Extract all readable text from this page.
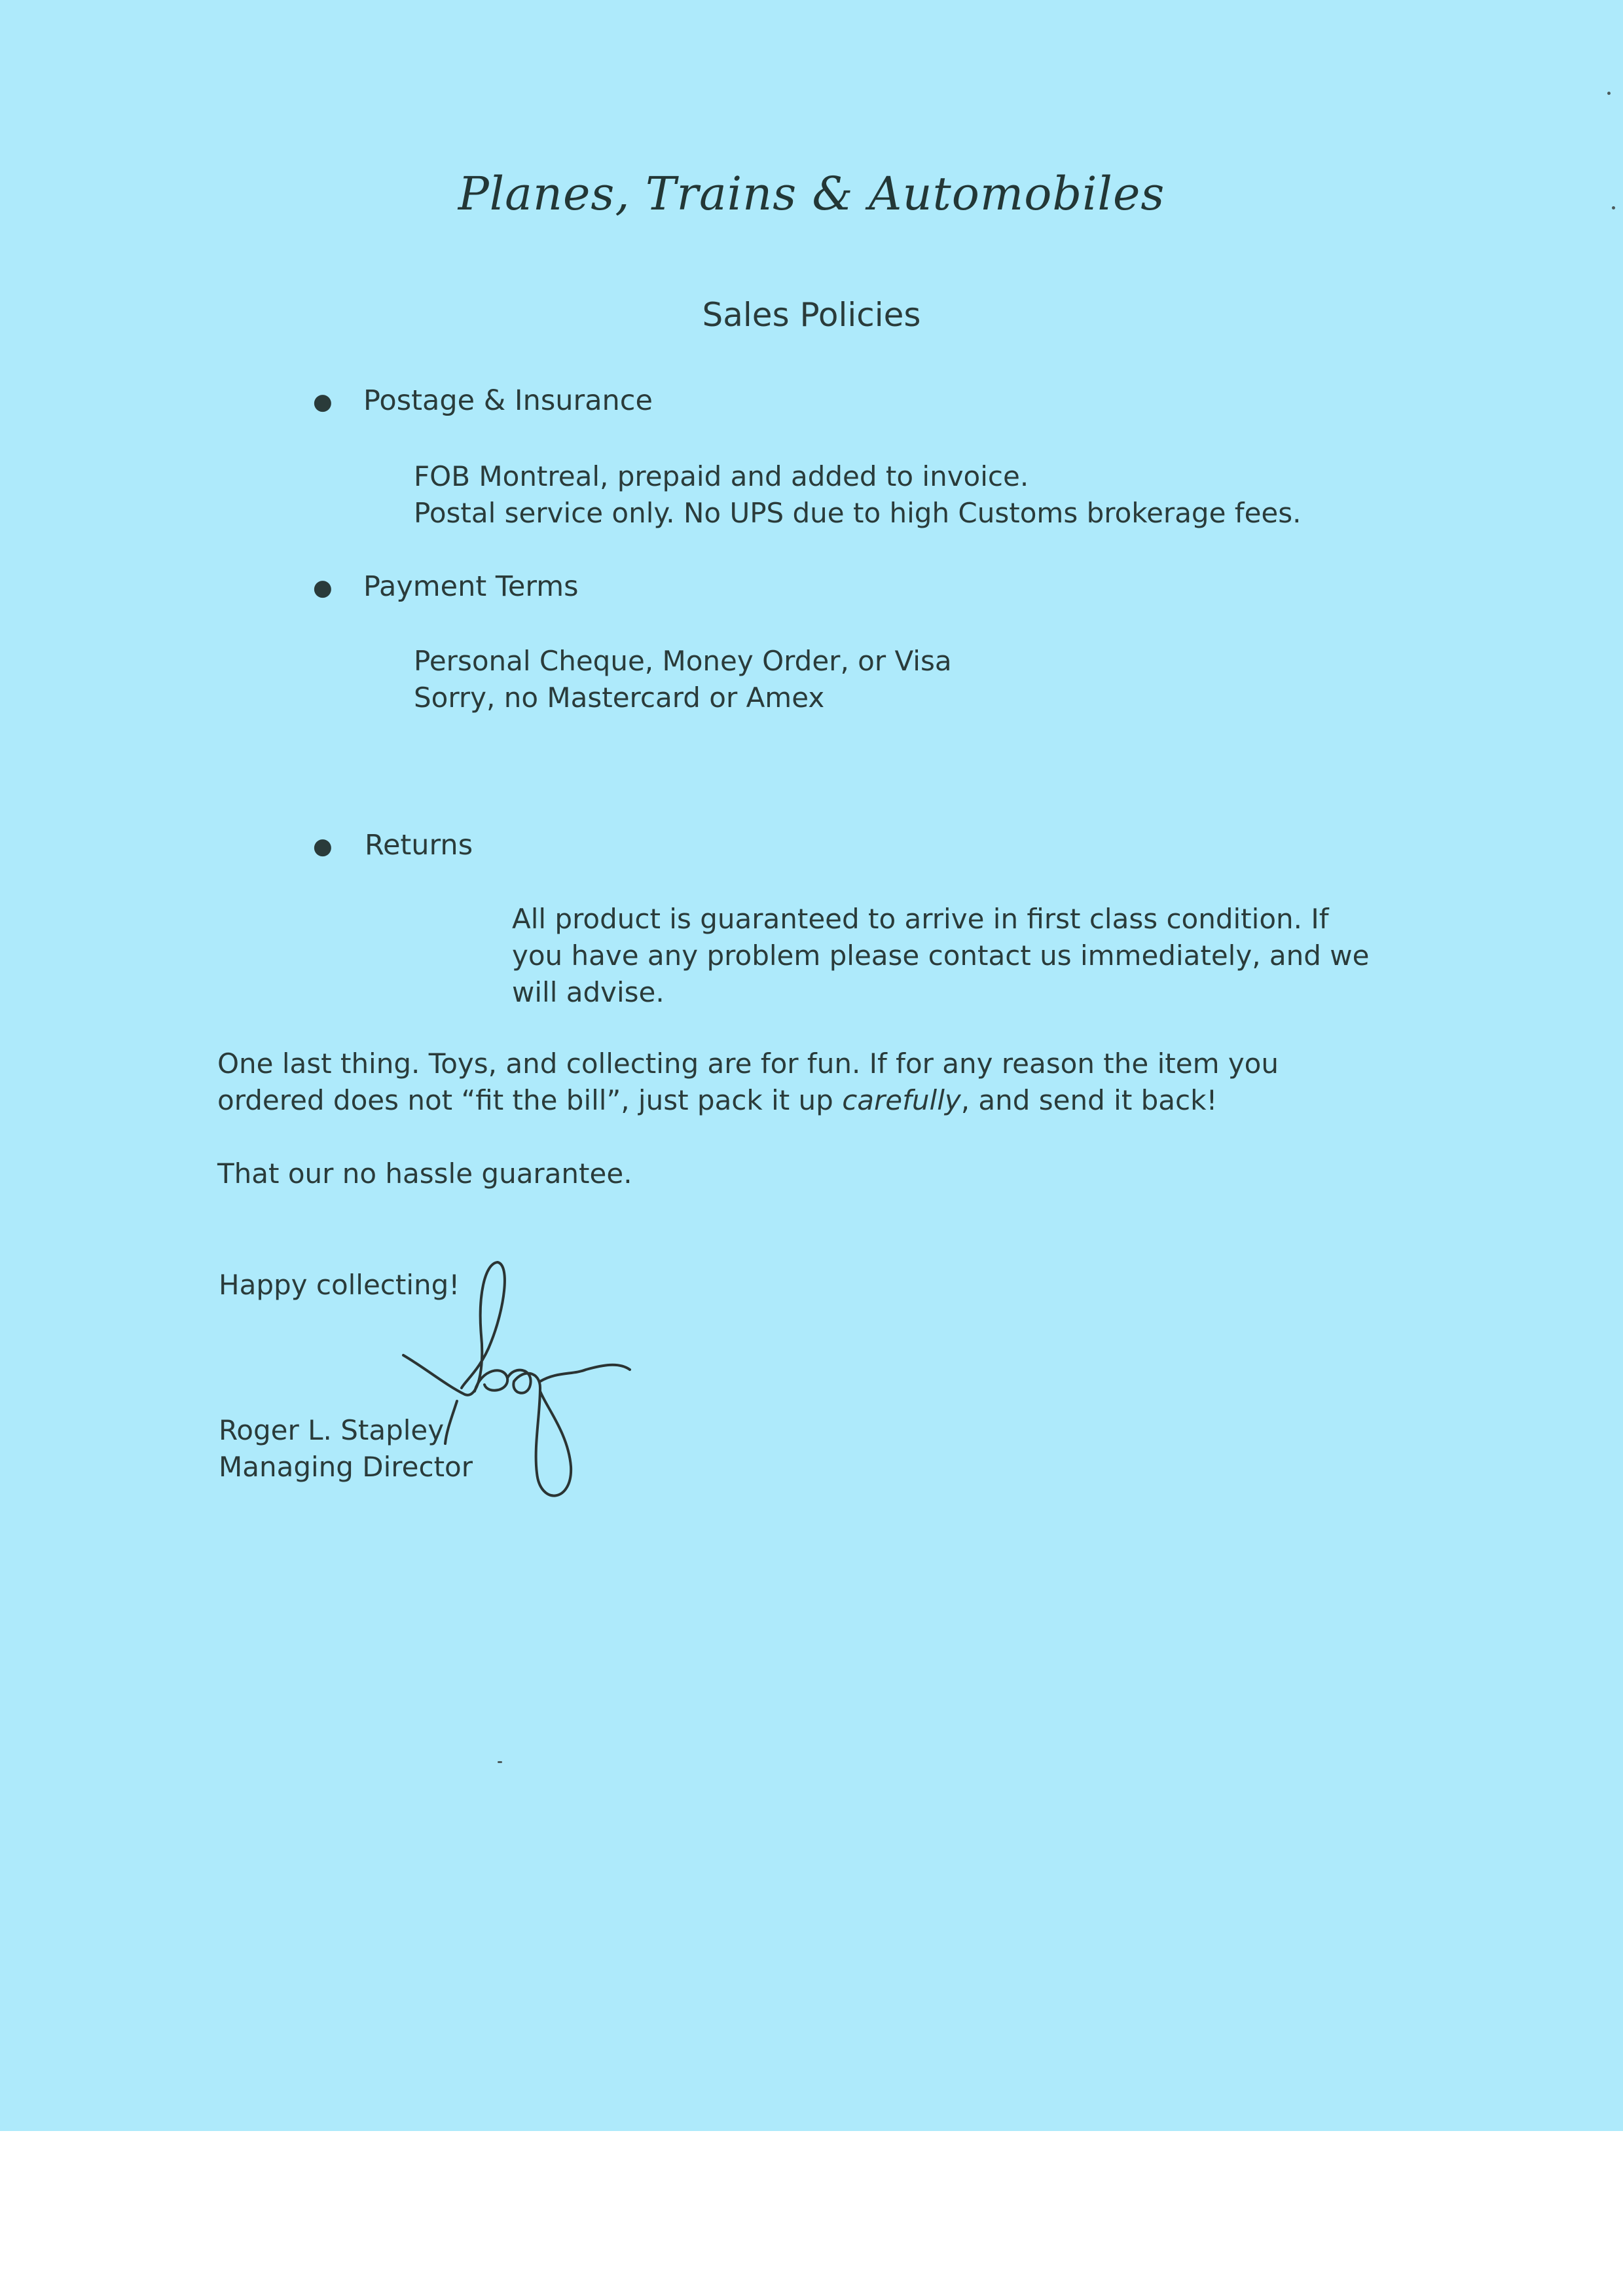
Planes, Trains & Automobiles
Sales Policies
● Postage & Insurance

FOB Montreal, prepaid and added to invoice.

Postal service only. No UPS due to high Customs brokerage fees.

● Payment Terms

Personal Cheque, Money Order, or Visa

Sorry, no Mastercard or Amex

● Returns

All product is guaranteed to arrive in first class condition. If

you have any problem please contact us immediately, and we

will advise.

One last thing. Toys, and collecting are for fun. If for any reason the item you

ordered does not “fit the bill”, just pack it up carefully, and send it back!

That our no hassle guarantee.
Happy collecting!

Roger L. Stapley

Managing Director
